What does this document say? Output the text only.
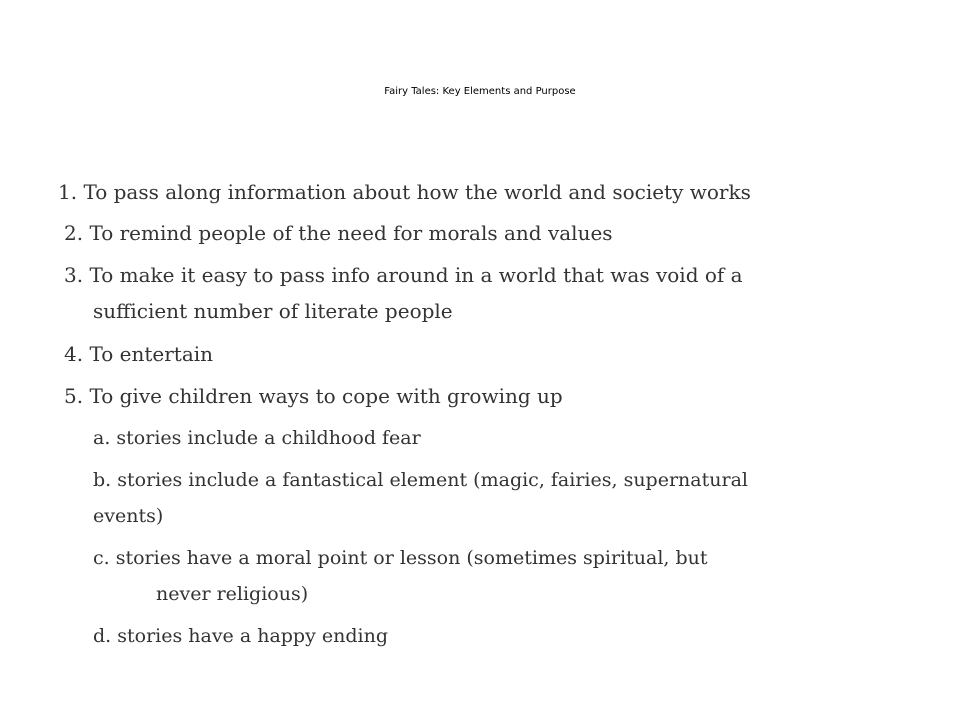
Fairy Tales: Key Elements and Purpose
1. To pass along information about how the world and society works
2. To remind people of the need for morals and values
3. To make it easy to pass info around in a world that was void of a
sufficient number of literate people
4. To entertain
5. To give children ways to cope with growing up
a. stories include a childhood fear
b. stories include a fantastical element (magic, fairies, supernatural
events)
c. stories have a moral point or lesson (sometimes spiritual, but
never religious)
d. stories have a happy ending
